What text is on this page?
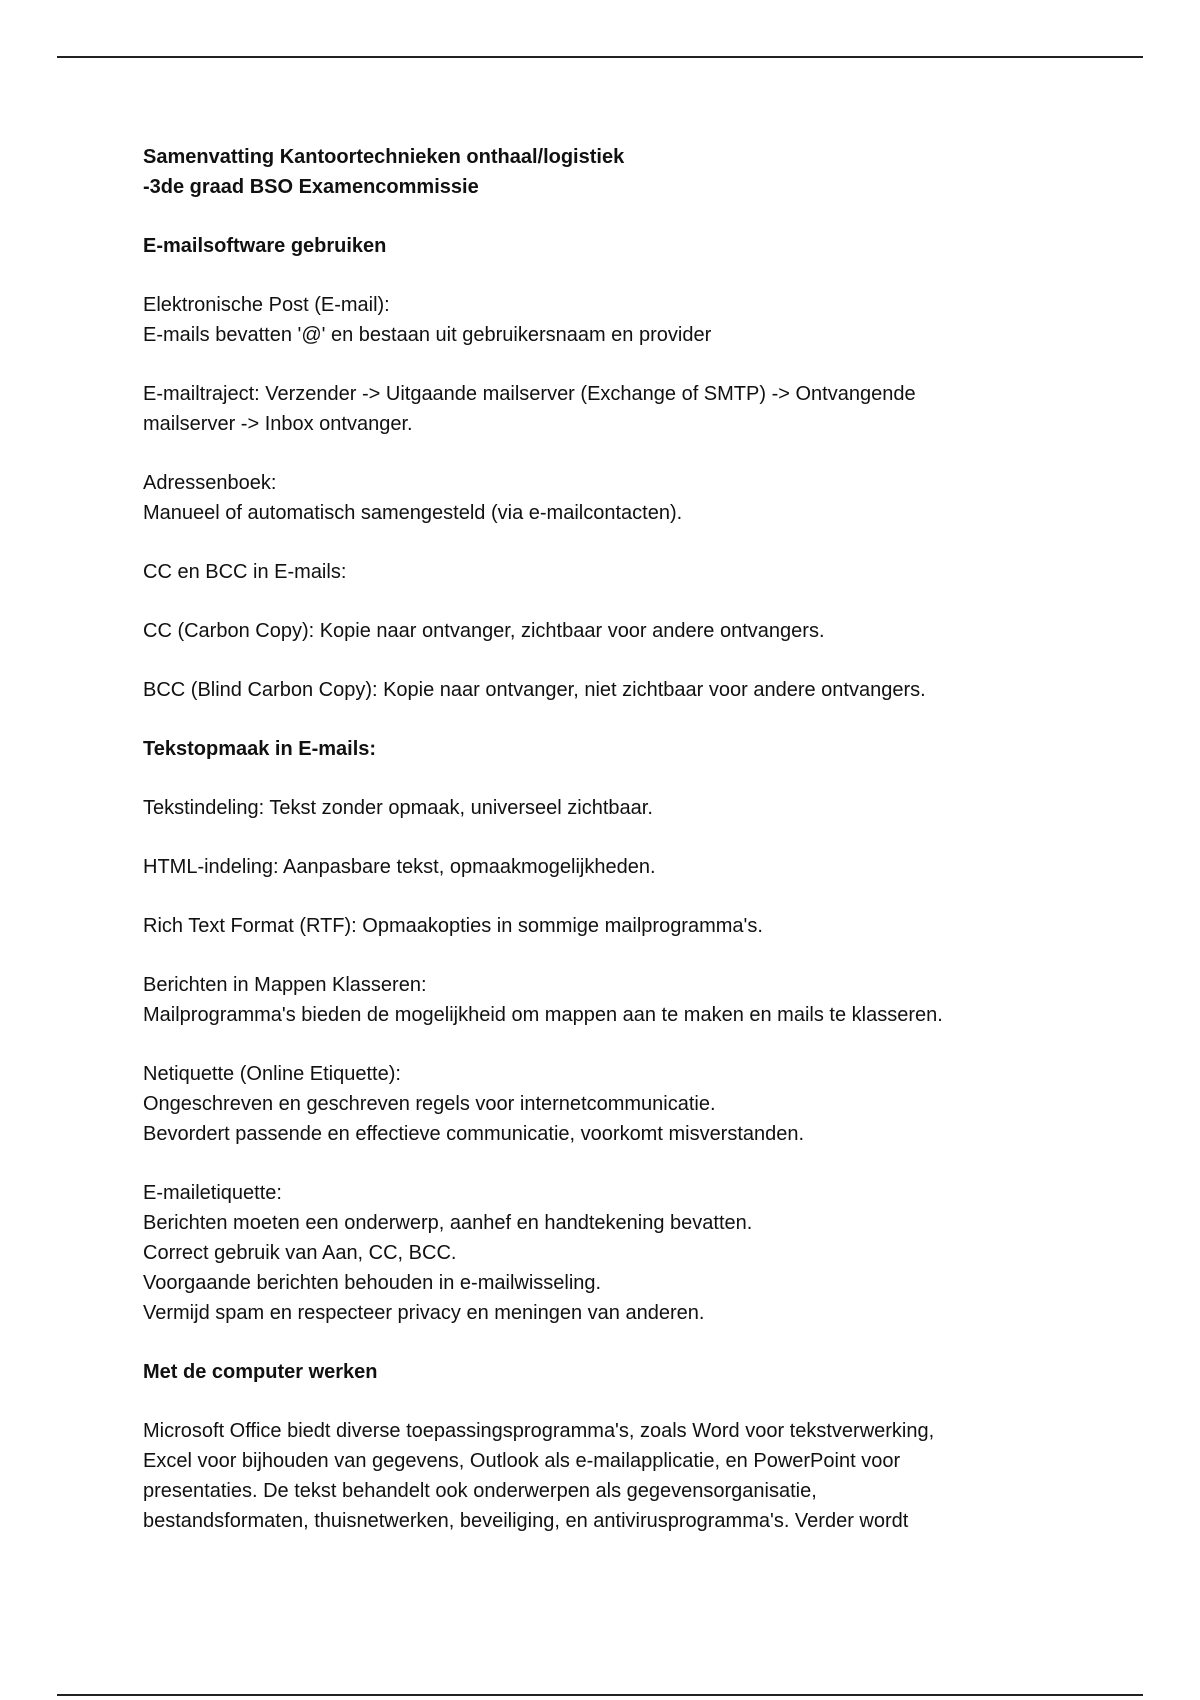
Samenvatting Kantoortechnieken onthaal/logistiek
-3de graad BSO Examencommissie
E-mailsoftware gebruiken
Elektronische Post (E-mail):
E-mails bevatten '@' en bestaan uit gebruikersnaam en provider
E-mailtraject: Verzender -> Uitgaande mailserver (Exchange of SMTP) -> Ontvangende
mailserver -> Inbox ontvanger.
Adressenboek:
Manueel of automatisch samengesteld (via e-mailcontacten).
CC en BCC in E-mails:
CC (Carbon Copy): Kopie naar ontvanger, zichtbaar voor andere ontvangers.
BCC (Blind Carbon Copy): Kopie naar ontvanger, niet zichtbaar voor andere ontvangers.
Tekstopmaak in E-mails:
Tekstindeling: Tekst zonder opmaak, universeel zichtbaar.
HTML-indeling: Aanpasbare tekst, opmaakmogelijkheden.
Rich Text Format (RTF): Opmaakopties in sommige mailprogramma's.
Berichten in Mappen Klasseren:
Mailprogramma's bieden de mogelijkheid om mappen aan te maken en mails te klasseren.
Netiquette (Online Etiquette):
Ongeschreven en geschreven regels voor internetcommunicatie.
Bevordert passende en effectieve communicatie, voorkomt misverstanden.
E-mailetiquette:
Berichten moeten een onderwerp, aanhef en handtekening bevatten.
Correct gebruik van Aan, CC, BCC.
Voorgaande berichten behouden in e-mailwisseling.
Vermijd spam en respecteer privacy en meningen van anderen.
Met de computer werken
Microsoft Office biedt diverse toepassingsprogramma's, zoals Word voor tekstverwerking,
Excel voor bijhouden van gegevens, Outlook als e-mailapplicatie, en PowerPoint voor
presentaties. De tekst behandelt ook onderwerpen als gegevensorganisatie,
bestandsformaten, thuisnetwerken, beveiliging, en antivirusprogramma's. Verder wordt
